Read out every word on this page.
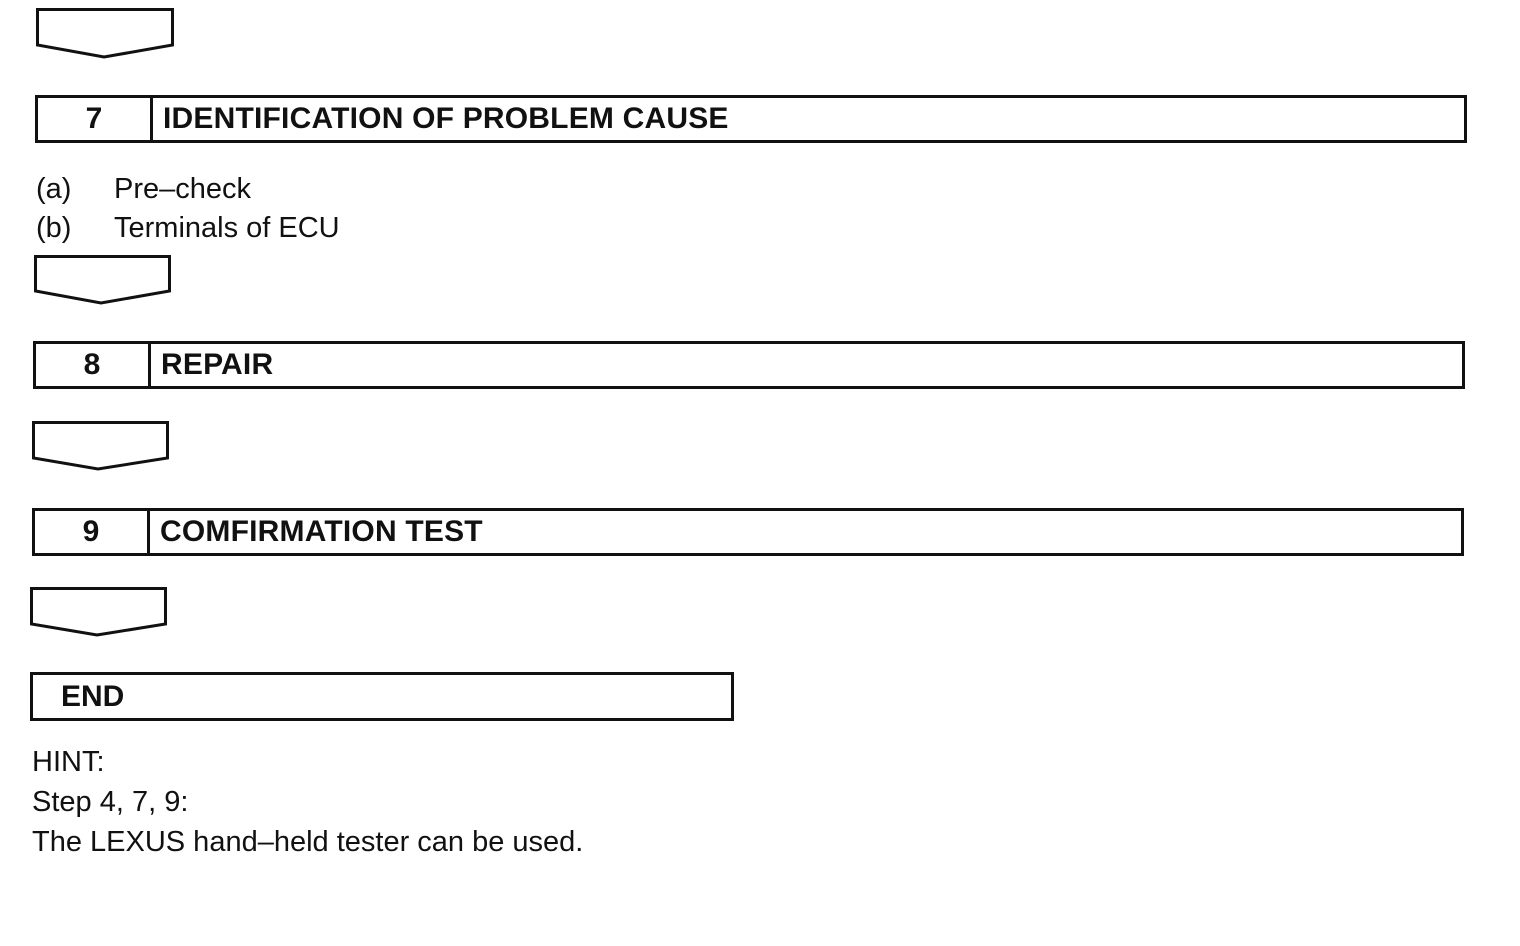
7	IDENTIFICATION OF PROBLEM CAUSE
(a)	Pre–check
(b)	Terminals of ECU
8	REPAIR
9	COMFIRMATION TEST
END
HINT:
Step 4, 7, 9:
The LEXUS hand–held tester can be used.
